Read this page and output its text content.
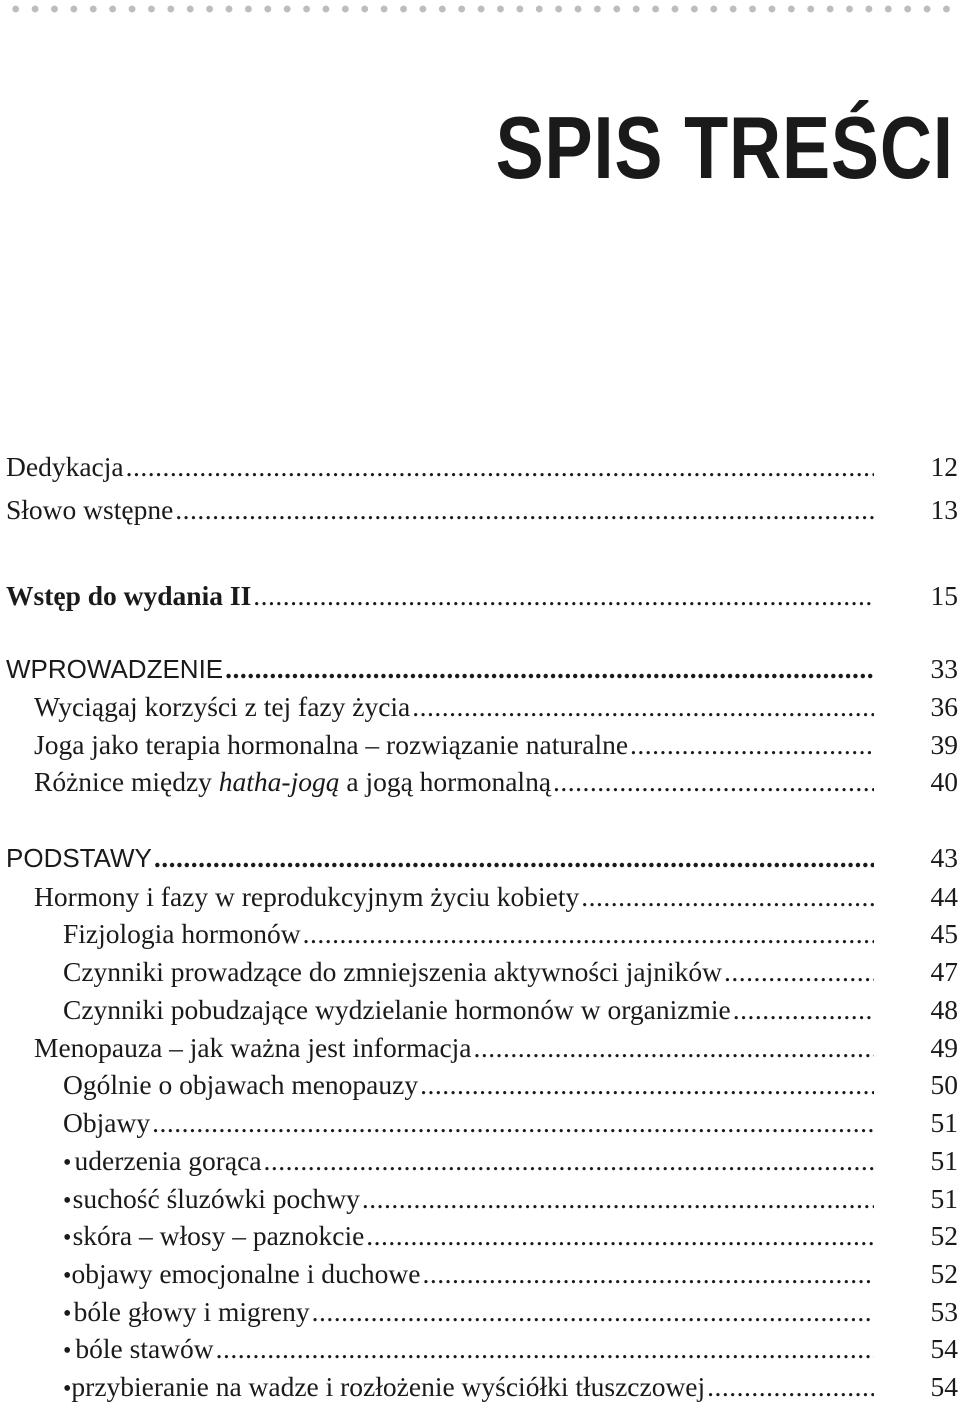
SPIS TREŚCI
Dedykacja .....	12
Słowo wstępne .....	13
Wstęp do wydania II .....	15
WPROWADZENIE .....	33
Wyciągaj korzyści z tej fazy życia .....	36
Joga jako terapia hormonalna – rozwiązanie naturalne .....	39
Różnice między hatha-jogą a jogą hormonalną .....	40
PODSTAWY .....	43
Hormony i fazy w reprodukcyjnym życiu kobiety .....	44
Fizjologia hormonów .....	45
Czynniki prowadzące do zmniejszenia aktywności jajników .....	47
Czynniki pobudzające wydzielanie hormonów w organizmie .....	48
Menopauza – jak ważna jest informacja .....	49
Ogólnie o objawach menopauzy .....	50
Objawy .....	51
• uderzenia gorąca .....	51
• suchość śluzówki pochwy .....	51
• skóra – włosy – paznokcie .....	52
• objawy emocjonalne i duchowe .....	52
• bóle głowy i migreny .....	53
• bóle stawów .....	54
• przybieranie na wadze i rozłożenie wyściółki tłuszczowej .....	54
